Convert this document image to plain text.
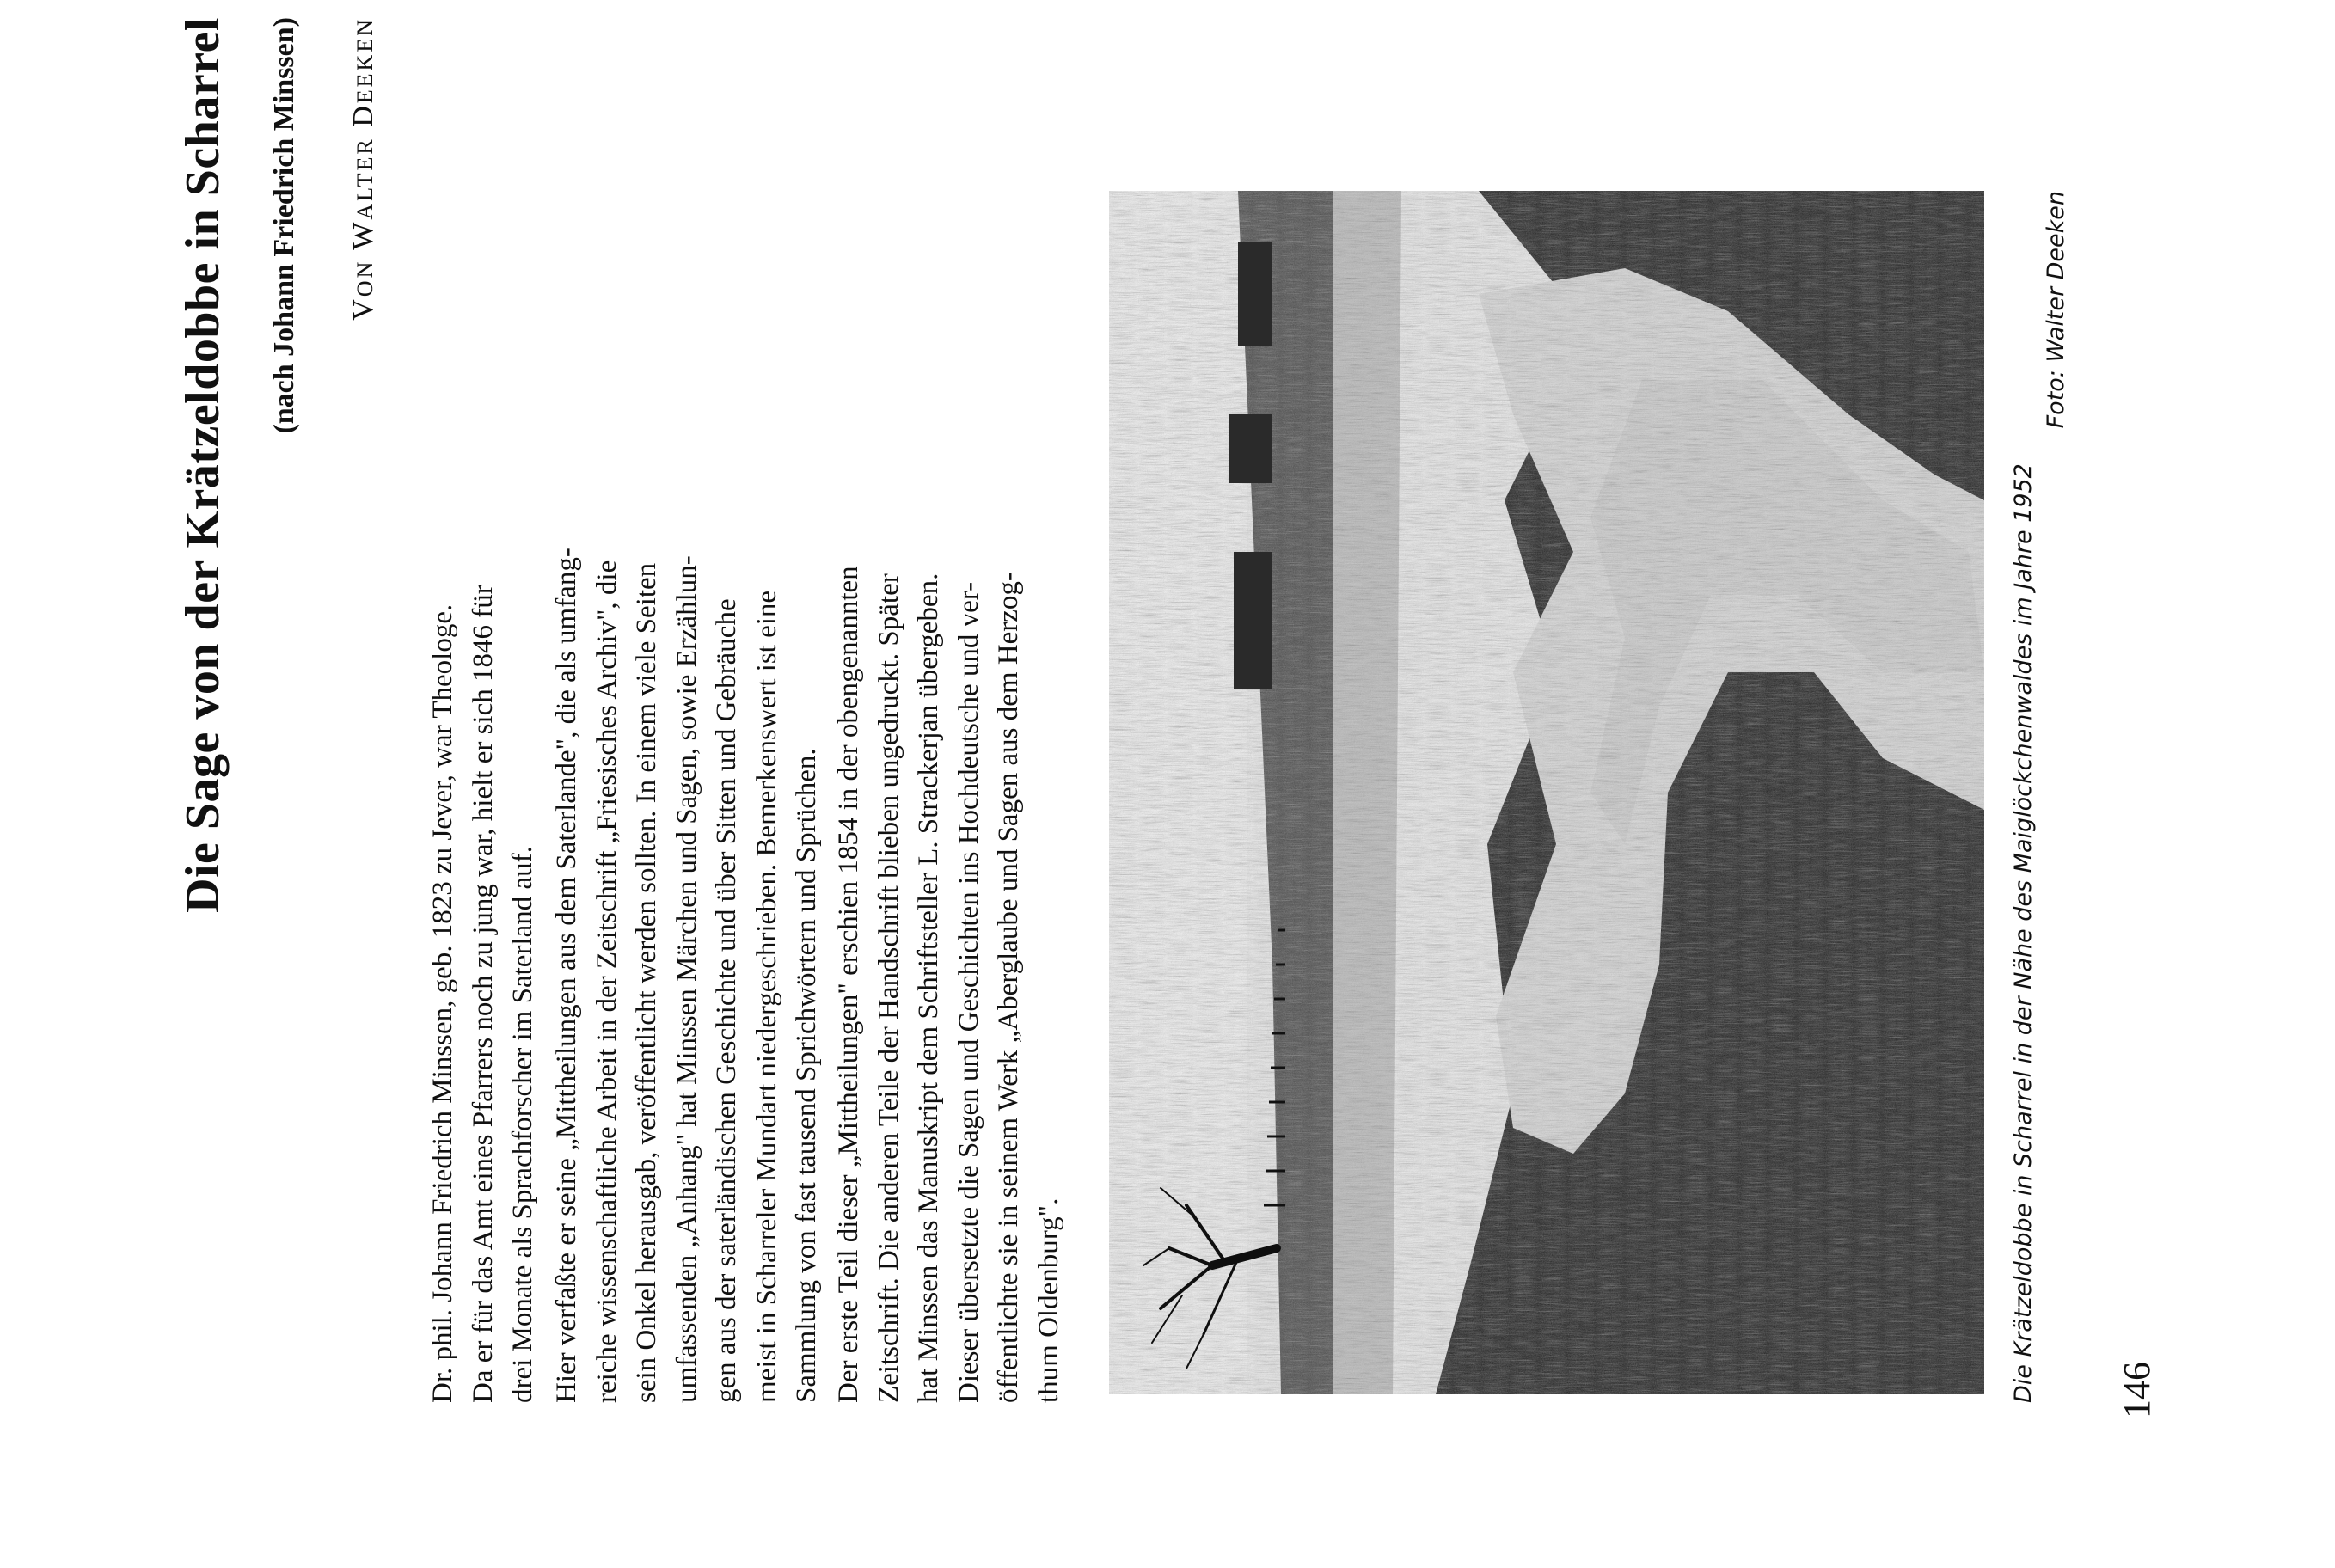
Die Sage von der Krätzeldobbe in Scharrel (nach Johann Friedrich Minssen) VON WALTER DEEKEN
Dr. phil. Johann Friedrich Minssen, geb. 1823 zu Jever, war Theologe. Da er für das Amt eines Pfarrers noch zu jung war, hielt er sich 1846 für drei Monate als Sprachforscher im Saterland auf. Hier verfaßte er seine „Mittheilungen aus dem Saterlande", die als umfang- reiche wissenschaftliche Arbeit in der Zeitschrift „Friesisches Archiv", die sein Onkel herausgab, veröffentlicht werden sollten. In einem viele Seiten umfassenden „Anhang" hat Minssen Märchen und Sagen, sowie Erzählun- gen aus der saterländischen Geschichte und über Sitten und Gebräuche meist in Scharreler Mundart niedergeschrieben. Bemerkenswert ist eine Sammlung von fast tausend Sprichwörtern und Sprüchen. Der erste Teil dieser „Mittheilungen" erschien 1854 in der obengenannten Zeitschrift. Die anderen Teile der Handschrift blieben ungedruckt. Später hat Minssen das Manuskript dem Schriftsteller L. Strackerjan übergeben. Dieser übersetzte die Sagen und Geschichten ins Hochdeutsche und ver- öffentlichte sie in seinem Werk „Aberglaube und Sagen aus dem Herzog- thum Oldenburg".	Die Krätzeldobbe in Scharrel in der Nähe des Maiglöckchenwaldes im Jahre 1952
Foto: Walter Deeken
146
